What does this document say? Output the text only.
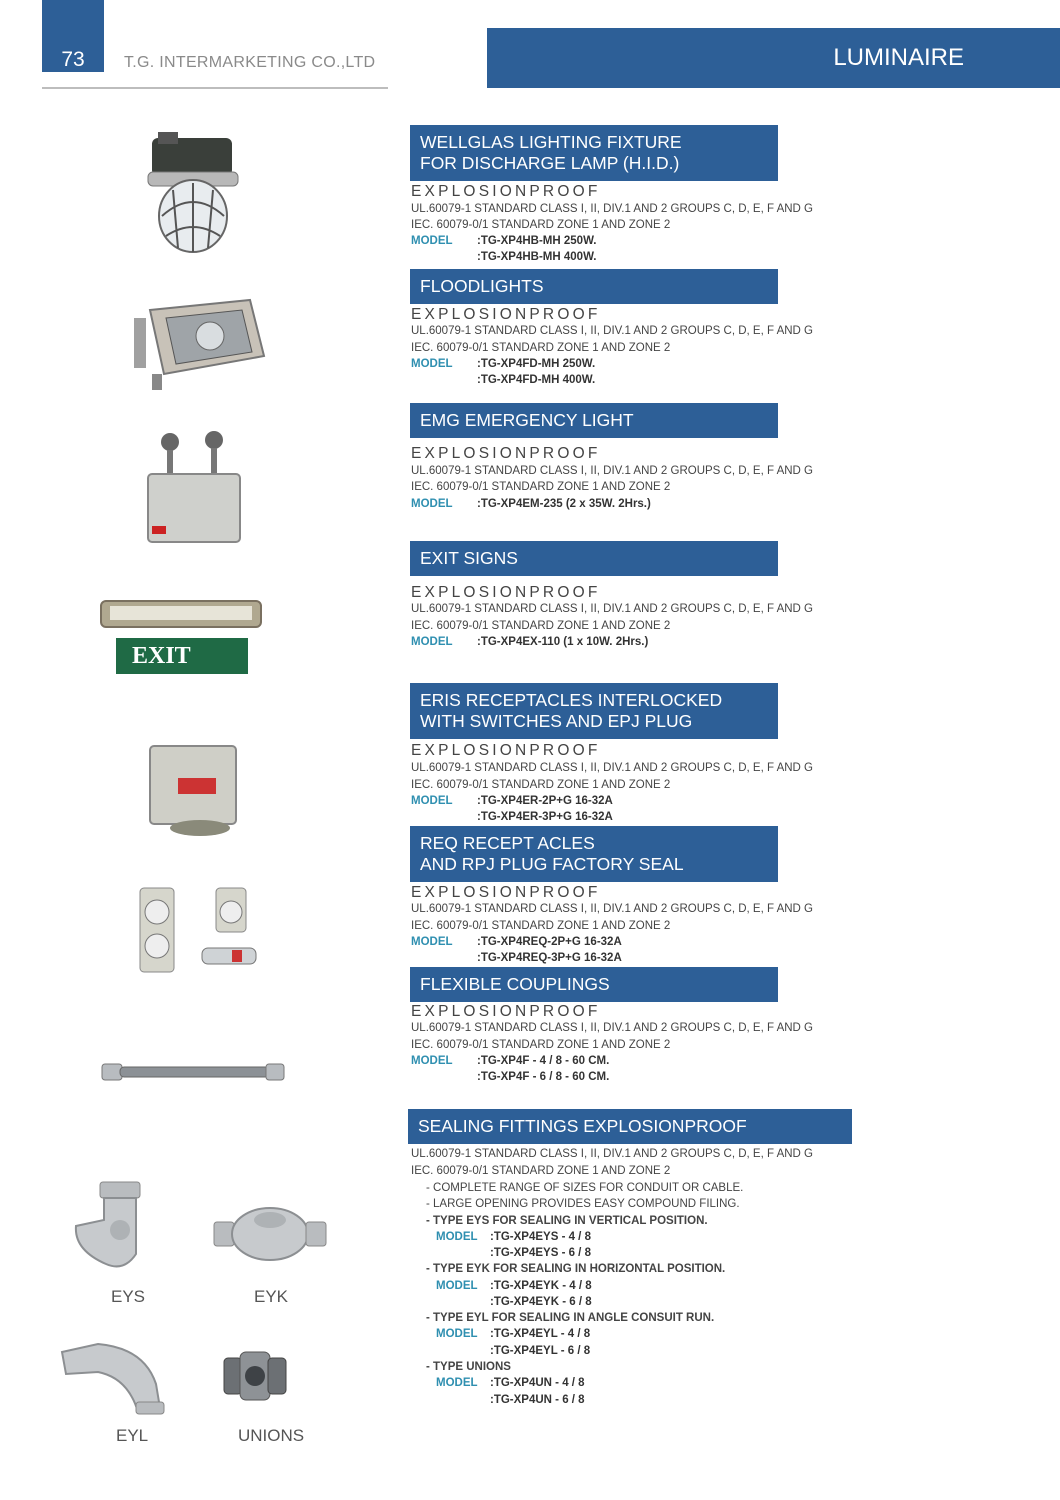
73	T.G. INTERMARKETING CO.,LTD	LUMINAIRE
WELLGLAS LIGHTING FIXTURE
FOR DISCHARGE LAMP (H.I.D.)
EXPLOSIONPROOF
UL.60079-1 STANDARD CLASS I, II, DIV.1 AND 2 GROUPS C, D, E, F AND G
IEC. 60079-0/1 STANDARD ZONE 1 AND ZONE 2
MODEL :TG-XP4HB-MH 250W.
:TG-XP4HB-MH 400W.
FLOODLIGHTS
EXPLOSIONPROOF
UL.60079-1 STANDARD CLASS I, II, DIV.1 AND 2 GROUPS C, D, E, F AND G
IEC. 60079-0/1 STANDARD ZONE 1 AND ZONE 2
MODEL :TG-XP4FD-MH 250W.
:TG-XP4FD-MH 400W.
EMG EMERGENCY LIGHT
EXPLOSIONPROOF
UL.60079-1 STANDARD CLASS I, II, DIV.1 AND 2 GROUPS C, D, E, F AND G
IEC. 60079-0/1 STANDARD ZONE 1 AND ZONE 2
MODEL :TG-XP4EM-235 (2 x 35W. 2Hrs.)
EXIT SIGNS
EXPLOSIONPROOF
UL.60079-1 STANDARD CLASS I, II, DIV.1 AND 2 GROUPS C, D, E, F AND G
IEC. 60079-0/1 STANDARD ZONE 1 AND ZONE 2
MODEL :TG-XP4EX-110 (1 x 10W. 2Hrs.)
EXIT
ERIS RECEPTACLES INTERLOCKED
WITH SWITCHES AND EPJ PLUG
EXPLOSIONPROOF
UL.60079-1 STANDARD CLASS I, II, DIV.1 AND 2 GROUPS C, D, E, F AND G
IEC. 60079-0/1 STANDARD ZONE 1 AND ZONE 2
MODEL :TG-XP4ER-2P+G 16-32A
:TG-XP4ER-3P+G 16-32A
REQ RECEPT ACLES
AND RPJ PLUG FACTORY SEAL
EXPLOSIONPROOF
UL.60079-1 STANDARD CLASS I, II, DIV.1 AND 2 GROUPS C, D, E, F AND G
IEC. 60079-0/1 STANDARD ZONE 1 AND ZONE 2
MODEL :TG-XP4REQ-2P+G 16-32A
:TG-XP4REQ-3P+G 16-32A
FLEXIBLE COUPLINGS
EXPLOSIONPROOF
UL.60079-1 STANDARD CLASS I, II, DIV.1 AND 2 GROUPS C, D, E, F AND G
IEC. 60079-0/1 STANDARD ZONE 1 AND ZONE 2
MODEL :TG-XP4F - 4 / 8 - 60 CM.
:TG-XP4F - 6 / 8 - 60 CM.
SEALING FITTINGS EXPLOSIONPROOF
UL.60079-1 STANDARD CLASS I, II, DIV.1 AND 2 GROUPS C, D, E, F AND G
IEC. 60079-0/1 STANDARD ZONE 1 AND ZONE 2
- COMPLETE RANGE OF SIZES FOR CONDUIT OR CABLE.
- LARGE OPENING PROVIDES EASY COMPOUND FILING.
- TYPE EYS FOR SEALING IN VERTICAL POSITION.
MODEL :TG-XP4EYS - 4 / 8
:TG-XP4EYS - 6 / 8
- TYPE EYK FOR SEALING IN HORIZONTAL POSITION.
MODEL :TG-XP4EYK - 4 / 8
:TG-XP4EYK - 6 / 8
- TYPE EYL FOR SEALING IN ANGLE CONSUIT RUN.
MODEL :TG-XP4EYL - 4 / 8
:TG-XP4EYL - 6 / 8
- TYPE UNIONS
MODEL :TG-XP4UN - 4 / 8
:TG-XP4UN - 6 / 8
EYS	EYK
EYL	UNIONS
